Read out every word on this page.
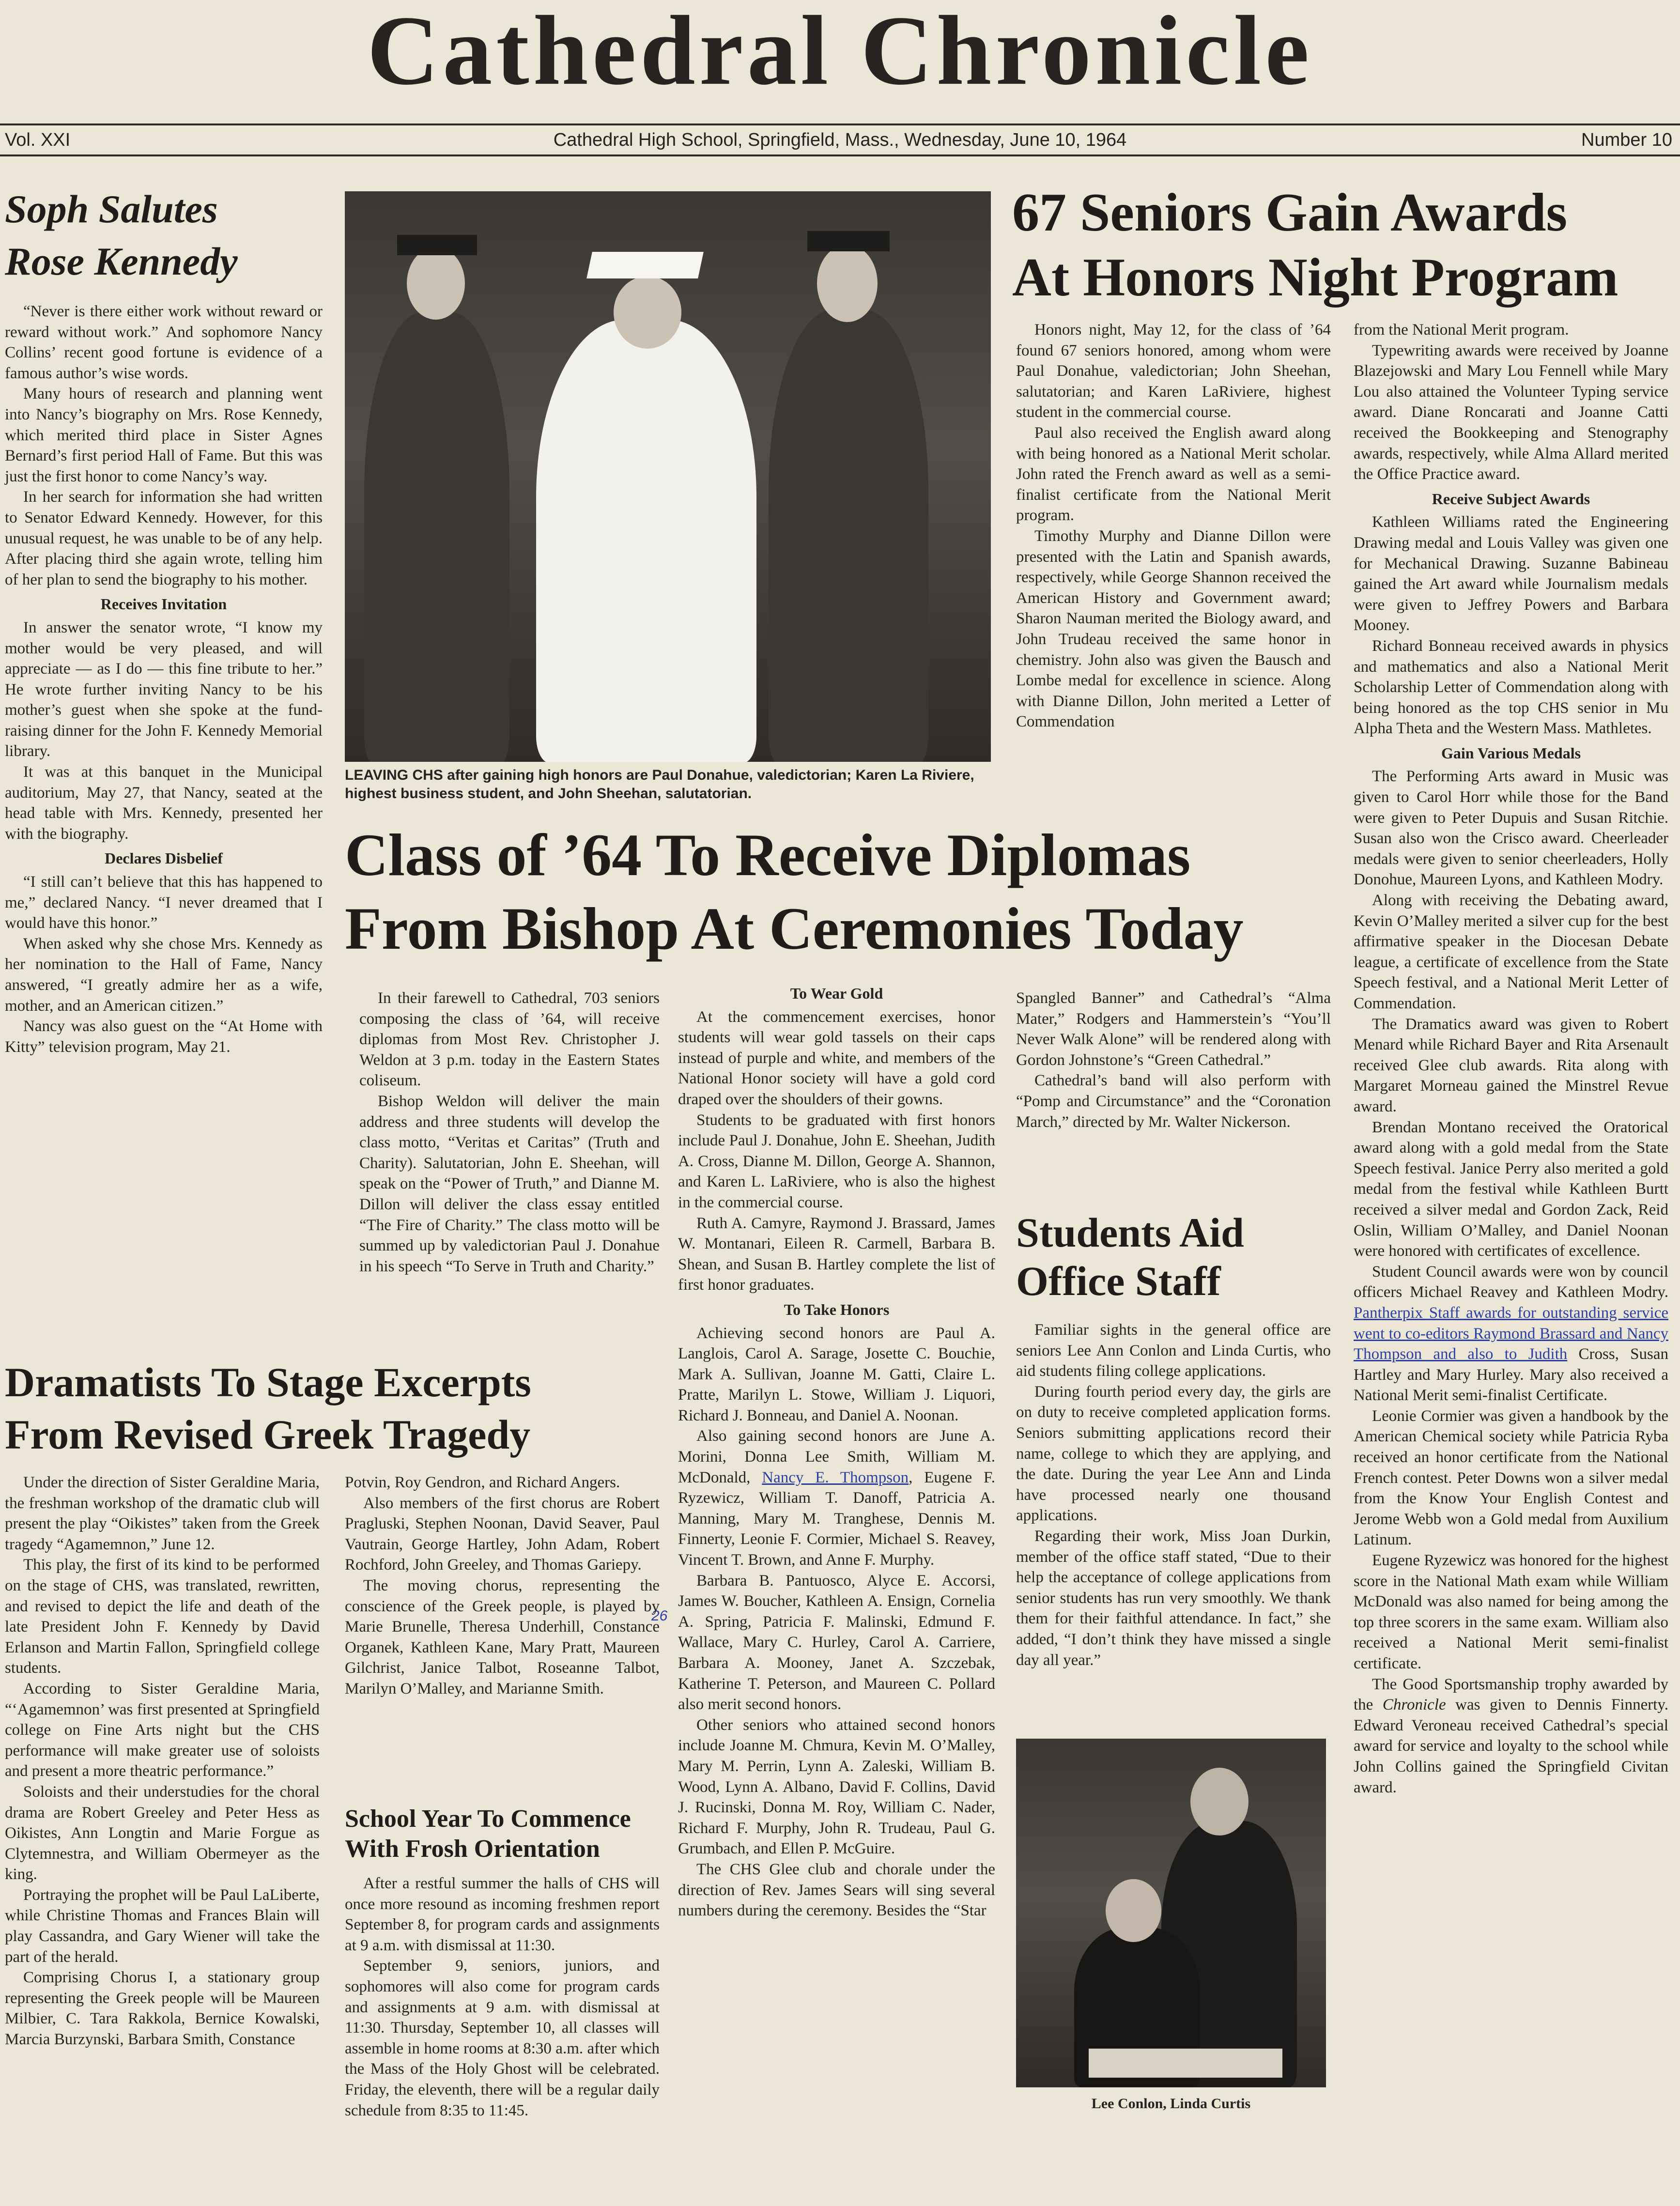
Cathedral Chronicle
Vol. XXI	Cathedral High School, Springfield, Mass., Wednesday, June 10, 1964	Number 10
Soph Salutes
Rose Kennedy

“Never is there either work without reward or reward without work.” And sophomore Nancy Collins’ recent good fortune is evidence of a famous author’s wise words.

Many hours of research and planning went into Nancy’s biography on Mrs. Rose Kennedy, which merited third place in Sister Agnes Bernard’s first period Hall of Fame. But this was just the first honor to come Nancy’s way.

In her search for information she had written to Senator Edward Kennedy. However, for this unusual request, he was unable to be of any help. After placing third she again wrote, telling him of her plan to send the biography to his mother.

Receives Invitation

In answer the senator wrote, “I know my mother would be very pleased, and will appreciate — as I do — this fine tribute to her.” He wrote further inviting Nancy to be his mother’s guest when she spoke at the fund-raising dinner for the John F. Kennedy Memorial library.

It was at this banquet in the Municipal auditorium, May 27, that Nancy, seated at the head table with Mrs. Kennedy, presented her with the biography.

Declares Disbelief

“I still can’t believe that this has happened to me,” declared Nancy. “I never dreamed that I would have this honor.”

When asked why she chose Mrs. Kennedy as her nomination to the Hall of Fame, Nancy answered, “I greatly admire her as a wife, mother, and an American citizen.”

Nancy was also guest on the “At Home with Kitty” television program, May 21.

LEAVING CHS after gaining high honors are Paul Donahue, valedictorian; Karen La Riviere, highest business student, and John Sheehan, salutatorian.
67 Seniors Gain Awards
At Honors Night Program

Honors night, May 12, for the class of ’64 found 67 seniors honored, among whom were Paul Donahue, valedictorian; John Sheehan, salutatorian; and Karen LaRiviere, highest student in the commercial course.

Paul also received the English award along with being honored as a National Merit scholar. John rated the French award as well as a semi-finalist certificate from the National Merit program.

Timothy Murphy and Dianne Dillon were presented with the Latin and Spanish awards, respectively, while George Shannon received the American History and Government award; Sharon Nauman merited the Biology award, and John Trudeau received the same honor in chemistry. John also was given the Bausch and Lombe medal for excellence in science. Along with Dianne Dillon, John merited a Letter of Commendation

from the National Merit program.

Typewriting awards were received by Joanne Blazejowski and Mary Lou Fennell while Mary Lou also attained the Volunteer Typing service award. Diane Roncarati and Joanne Catti received the Bookkeeping and Stenography awards, respectively, while Alma Allard merited the Office Practice award.

Receive Subject Awards

Kathleen Williams rated the Engineering Drawing medal and Louis Valley was given one for Mechanical Drawing. Suzanne Babineau gained the Art award while Journalism medals were given to Jeffrey Powers and Barbara Mooney.

Richard Bonneau received awards in physics and mathematics and also a National Merit Scholarship Letter of Commendation along with being honored as the top CHS senior in Mu Alpha Theta and the Western Mass. Mathletes.

Gain Various Medals

The Performing Arts award in Music was given to Carol Horr while those for the Band were given to Peter Dupuis and Susan Ritchie. Susan also won the Crisco award. Cheerleader medals were given to senior cheerleaders, Holly Donohue, Maureen Lyons, and Kathleen Modry.

Along with receiving the Debating award, Kevin O’Malley merited a silver cup for the best affirmative speaker in the Diocesan Debate league, a certificate of excellence from the State Speech festival, and a National Merit Letter of Commendation.

The Dramatics award was given to Robert Menard while Richard Bayer and Rita Arsenault received Glee club awards. Rita along with Margaret Morneau gained the Minstrel Revue award.

Brendan Montano received the Oratorical award along with a gold medal from the State Speech festival. Janice Perry also merited a gold medal from the festival while Kathleen Burtt received a silver medal and Gordon Zack, Reid Oslin, William O’Malley, and Daniel Noonan were honored with certificates of excellence.

Student Council awards were won by council officers Michael Reavey and Kathleen Modry. Pantherpix Staff awards for outstanding service went to co-editors Raymond Brassard and Nancy Thompson and also to Judith Cross, Susan Hartley and Mary Hurley. Mary also received a National Merit semi-finalist Certificate.

Leonie Cormier was given a handbook by the American Chemical society while Patricia Ryba received an honor certificate from the National French contest. Peter Downs won a silver medal from the Know Your English Contest and Jerome Webb won a Gold medal from Auxilium Latinum.

Eugene Ryzewicz was honored for the highest score in the National Math exam while William McDonald was also named for being among the top three scorers in the same exam. William also received a National Merit semi-finalist certificate.

The Good Sportsmanship trophy awarded by the Chronicle was given to Dennis Finnerty. Edward Veroneau received Cathedral’s special award for service and loyalty to the school while John Collins gained the Springfield Civitan award.

Class of ’64 To Receive Diplomas
From Bishop At Ceremonies Today

In their farewell to Cathedral, 703 seniors composing the class of ’64, will receive diplomas from Most Rev. Christopher J. Weldon at 3 p.m. today in the Eastern States coliseum.

Bishop Weldon will deliver the main address and three students will develop the class motto, “Veritas et Caritas” (Truth and Charity). Salutatorian, John E. Sheehan, will speak on the “Power of Truth,” and Dianne M. Dillon will deliver the class essay entitled “The Fire of Charity.” The class motto will be summed up by valedictorian Paul J. Donahue in his speech “To Serve in Truth and Charity.”

To Wear Gold

At the commencement exercises, honor students will wear gold tassels on their caps instead of purple and white, and members of the National Honor society will have a gold cord draped over the shoulders of their gowns.

Students to be graduated with first honors include Paul J. Donahue, John E. Sheehan, Judith A. Cross, Dianne M. Dillon, George A. Shannon, and Karen L. LaRiviere, who is also the highest in the commercial course.

Ruth A. Camyre, Raymond J. Brassard, James W. Montanari, Eileen R. Carmell, Barbara B. Shean, and Susan B. Hartley complete the list of first honor graduates.

To Take Honors

Achieving second honors are Paul A. Langlois, Carol A. Sarage, Josette C. Bouchie, Mark A. Sullivan, Joanne M. Gatti, Claire L. Pratte, Marilyn L. Stowe, William J. Liquori, Richard J. Bonneau, and Daniel A. Noonan.

Also gaining second honors are June A. Morini, Donna Lee Smith, William M. McDonald, Nancy E. Thompson, Eugene F. Ryzewicz, William T. Danoff, Patricia A. Manning, Mary M. Tranghese, Dennis M. Finnerty, Leonie F. Cormier, Michael S. Reavey, Vincent T. Brown, and Anne F. Murphy.

Barbara B. Pantuosco, Alyce E. Accorsi, James W. Boucher, Kathleen A. Ensign, Cornelia A. Spring, Patricia F. Malinski, Edmund F. Wallace, Mary C. Hurley, Carol A. Carriere, Barbara A. Mooney, Janet A. Szczebak, Katherine T. Peterson, and Maureen C. Pollard also merit second honors.

Other seniors who attained second honors include Joanne M. Chmura, Kevin M. O’Malley, Mary M. Perrin, Lynn A. Zaleski, William B. Wood, Lynn A. Albano, David F. Collins, David J. Rucinski, Donna M. Roy, William C. Nader, Richard F. Murphy, John R. Trudeau, Paul G. Grumbach, and Ellen P. McGuire.

The CHS Glee club and chorale under the direction of Rev. James Sears will sing several numbers during the ceremony. Besides the “Star

26

Spangled Banner” and Cathedral’s “Alma Mater,” Rodgers and Hammerstein’s “You’ll Never Walk Alone” will be rendered along with Gordon Johnstone’s “Green Cathedral.”

Cathedral’s band will also perform with “Pomp and Circumstance” and the “Coronation March,” directed by Mr. Walter Nickerson.

Students Aid
Office Staff

Familiar sights in the general office are seniors Lee Ann Conlon and Linda Curtis, who aid students filing college applications.

During fourth period every day, the girls are on duty to receive completed application forms. Seniors submitting applications record their name, college to which they are applying, and the date. During the year Lee Ann and Linda have processed nearly one thousand applications.

Regarding their work, Miss Joan Durkin, member of the office staff stated, “Due to their help the acceptance of college applications from senior students has run very smoothly. We thank them for their faithful attendance. In fact,” she added, “I don’t think they have missed a single day all year.”

Lee Conlon, Linda Curtis
Dramatists To Stage Excerpts
From Revised Greek Tragedy

Under the direction of Sister Geraldine Maria, the freshman workshop of the dramatic club will present the play “Oikistes” taken from the Greek tragedy “Agamemnon,” June 12.

This play, the first of its kind to be performed on the stage of CHS, was translated, rewritten, and revised to depict the life and death of the late President John F. Kennedy by David Erlanson and Martin Fallon, Springfield college students.

According to Sister Geraldine Maria, “‘Agamemnon’ was first presented at Springfield college on Fine Arts night but the CHS performance will make greater use of soloists and present a more theatric performance.”

Soloists and their understudies for the choral drama are Robert Greeley and Peter Hess as Oikistes, Ann Longtin and Marie Forgue as Clytemnestra, and William Obermeyer as the king.

Portraying the prophet will be Paul LaLiberte, while Christine Thomas and Frances Blain will play Cassandra, and Gary Wiener will take the part of the herald.

Comprising Chorus I, a stationary group representing the Greek people will be Maureen Milbier, C. Tara Rakkola, Bernice Kowalski, Marcia Burzynski, Barbara Smith, Constance

Potvin, Roy Gendron, and Richard Angers.

Also members of the first chorus are Robert Pragluski, Stephen Noonan, David Seaver, Paul Vautrain, George Hartley, John Adam, Robert Rochford, John Greeley, and Thomas Gariepy.

The moving chorus, representing the conscience of the Greek people, is played by Marie Brunelle, Theresa Underhill, Constance Organek, Kathleen Kane, Mary Pratt, Maureen Gilchrist, Janice Talbot, Roseanne Talbot, Marilyn O’Malley, and Marianne Smith.

School Year To Commence
With Frosh Orientation

After a restful summer the halls of CHS will once more resound as incoming freshmen report September 8, for program cards and assignments at 9 a.m. with dismissal at 11:30.

September 9, seniors, juniors, and sophomores will also come for program cards and assignments at 9 a.m. with dismissal at 11:30. Thursday, September 10, all classes will assemble in home rooms at 8:30 a.m. after which the Mass of the Holy Ghost will be celebrated. Friday, the eleventh, there will be a regular daily schedule from 8:35 to 11:45.
